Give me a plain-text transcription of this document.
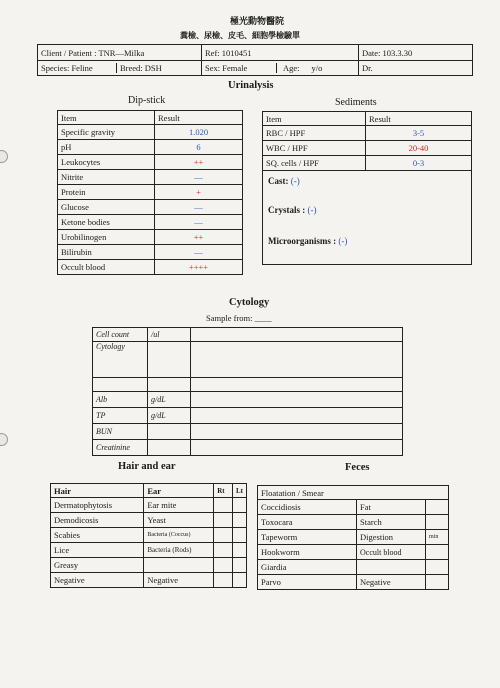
極光動物醫院
糞檢、尿檢、皮毛、細胞學檢驗單
Client / Patient : TNR—Milka	Ref: 1010451	Date: 103.3.30

Species: Feline Breed: DSH	Sex: Female Age: y/o	Dr.
Urinalysis
Dip-stick	Sediments
Item	Result
Specific gravity	1.020
pH	6
Leukocytes	++
Nitrite	—
Protein	+
Glucose	—
Ketone bodies	—
Urobilinogen	++
Bilirubin	—
Occult blood	++++
Item	Result
RBC / HPF	3-5
WBC / HPF	20-40
SQ. cells / HPF	0-3
Cast: (-)
Crystals : (-)
Microorganisms : (-)
Cytology
Sample from: ____
Cell count	/ul	
Cytology		

Alb	g/dL	
TP	g/dL	
BUN		
Creatinine		
Hair and ear
Hair	Ear	Rt	Lt
Dermatophytosis	Ear mite		
Demodicosis	Yeast		
Scabies	Bacteria (Coccus)		
Lice	Bacteria (Rods)		
Greasy			
Negative	Negative		
Feces
Floatation / Smear		
Coccidiosis	Fat	
Toxocara	Starch	
Tapeworm	Digestion	min
Hookworm	Occult blood	
Giardia		
Parvo	Negative	
